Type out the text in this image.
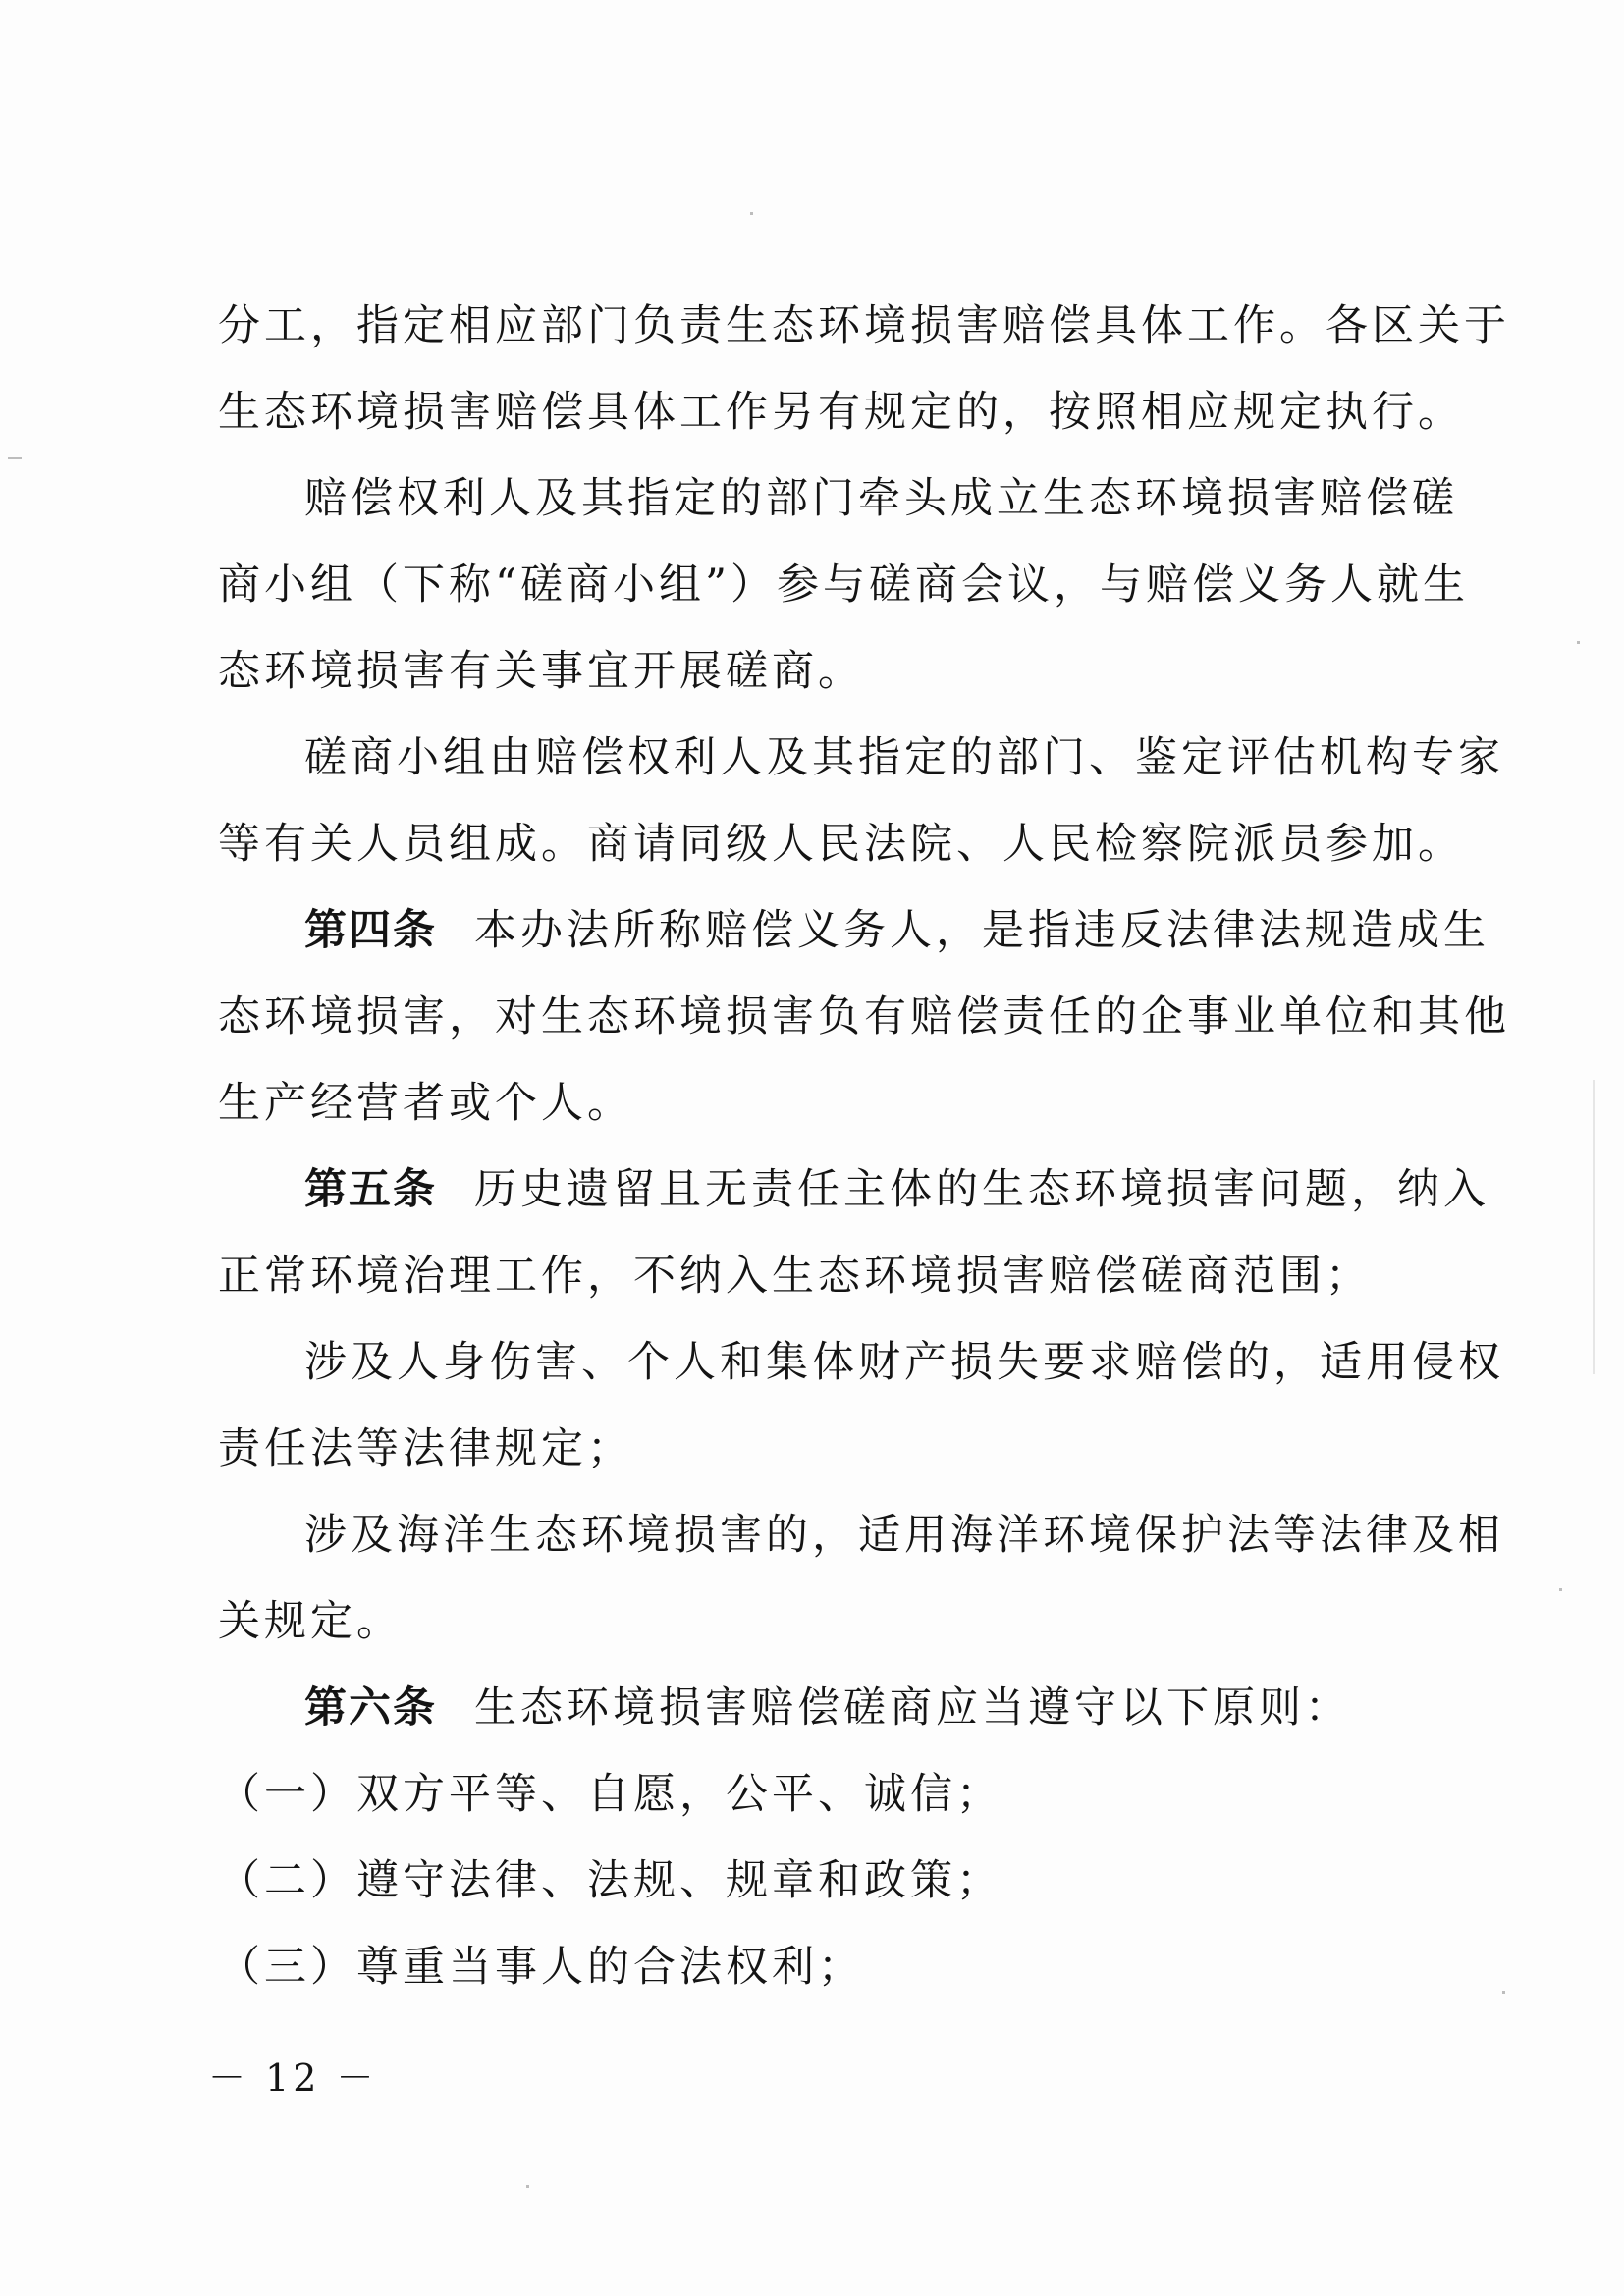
分工，指定相应部门负责生态环境损害赔偿具体工作。各区关于
生态环境损害赔偿具体工作另有规定的，按照相应规定执行。
赔偿权利人及其指定的部门牵头成立生态环境损害赔偿磋
商小组（下称“磋商小组”）参与磋商会议，与赔偿义务人就生
态环境损害有关事宜开展磋商。
磋商小组由赔偿权利人及其指定的部门、鉴定评估机构专家
等有关人员组成。商请同级人民法院、人民检察院派员参加。
第四条 本办法所称赔偿义务人，是指违反法律法规造成生
态环境损害，对生态环境损害负有赔偿责任的企事业单位和其他
生产经营者或个人。
第五条 历史遗留且无责任主体的生态环境损害问题，纳入
正常环境治理工作，不纳入生态环境损害赔偿磋商范围；
涉及人身伤害、个人和集体财产损失要求赔偿的，适用侵权
责任法等法律规定；
涉及海洋生态环境损害的，适用海洋环境保护法等法律及相
关规定。
第六条 生态环境损害赔偿磋商应当遵守以下原则：
（一）双方平等、自愿，公平、诚信；
（二）遵守法律、法规、规章和政策；
（三）尊重当事人的合法权利；
－ 12 －
